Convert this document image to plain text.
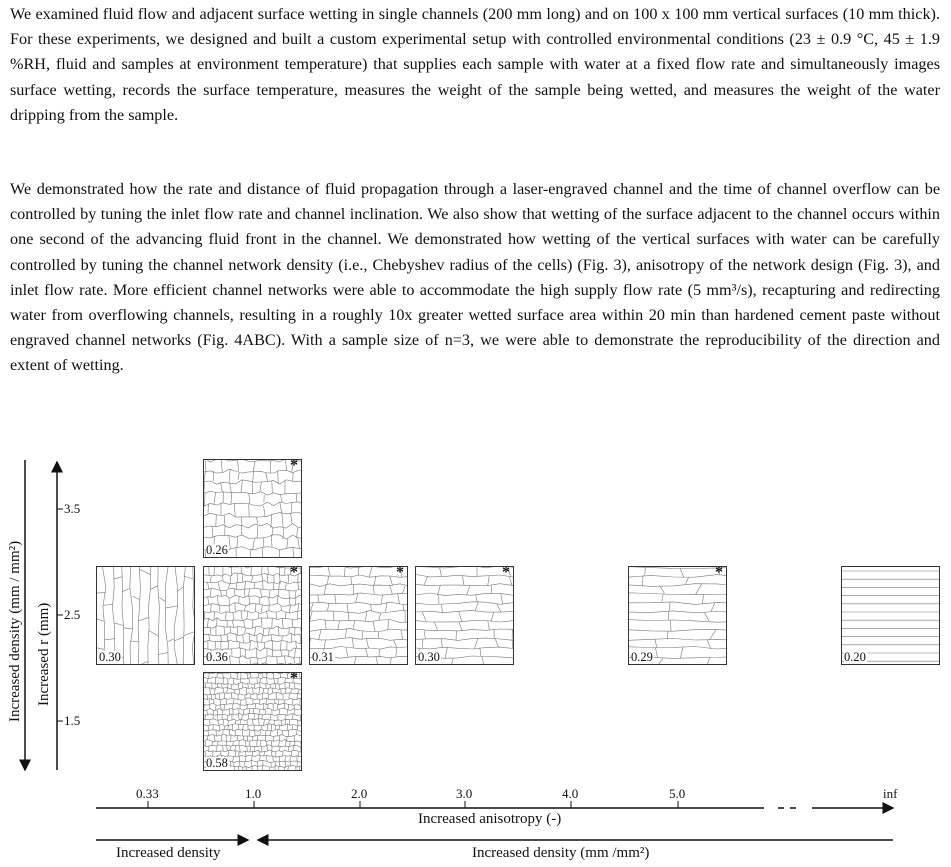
We examined fluid flow and adjacent surface wetting in single channels (200 mm long) and on 100 x 100 mm vertical surfaces (10 mm thick). For these experiments, we designed and built a custom experimental setup with controlled environmental conditions (23 ± 0.9 °C, 45 ± 1.9 %RH, fluid and samples at environment temperature) that supplies each sample with water at a fixed flow rate and simultaneously images surface wetting, records the surface temperature, measures the weight of the sample being wetted, and measures the weight of the water dripping from the sample.

We demonstrated how the rate and distance of fluid propagation through a laser-engraved channel and the time of channel overflow can be controlled by tuning the inlet flow rate and channel inclination. We also show that wetting of the surface adjacent to the channel occurs within one second of the advancing fluid front in the channel. We demonstrated how wetting of the vertical surfaces with water can be carefully controlled by tuning the channel network density (i.e., Chebyshev radius of the cells) (Fig. 3), anisotropy of the network design (Fig. 3), and inlet flow rate. More efficient channel networks were able to accommodate the high supply flow rate (5 mm³/s), recapturing and redirecting water from overflowing channels, resulting in a roughly 10x greater wetted surface area within 20 min than hardened cement paste without engraved channel networks (Fig. 4ABC). With a sample size of n=3, we were able to demonstrate the reproducibility of the direction and extent of wetting.

Increased density (mm / mm²) Increased r (mm)
3.5
2.5
1.5
0.33	1.0	2.0	3.0	4.0	5.0	inf
Increased anisotropy (-)
Increased density	Increased density (mm /mm²)
*
0.26
0.30
*
0.36
*
0.31
*
0.30
*
0.29	0.20
*
0.58
